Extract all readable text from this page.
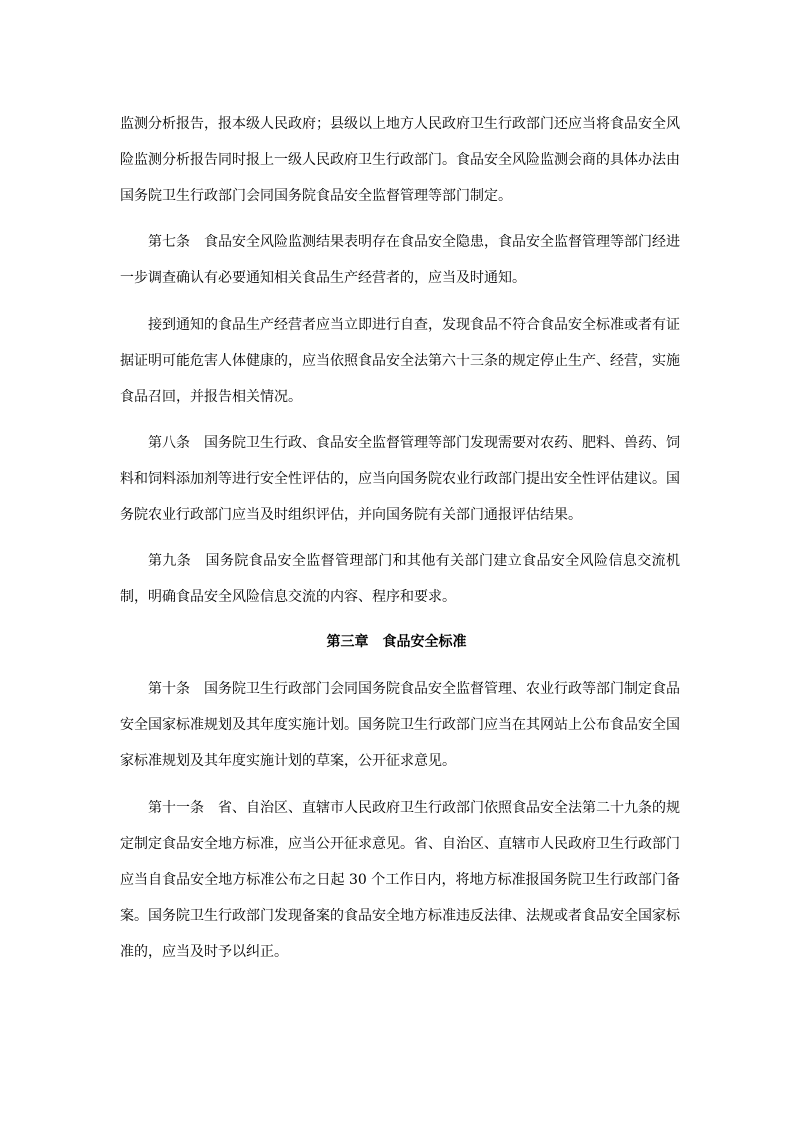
监测分析报告，报本级人民政府；县级以上地方人民政府卫生行政部门还应当将食品安全风
险监测分析报告同时报上一级人民政府卫生行政部门。食品安全风险监测会商的具体办法由
国务院卫生行政部门会同国务院食品安全监督管理等部门制定。
第七条　食品安全风险监测结果表明存在食品安全隐患，食品安全监督管理等部门经进
一步调查确认有必要通知相关食品生产经营者的，应当及时通知。
接到通知的食品生产经营者应当立即进行自查，发现食品不符合食品安全标准或者有证
据证明可能危害人体健康的，应当依照食品安全法第六十三条的规定停止生产、经营，实施
食品召回，并报告相关情况。
第八条　国务院卫生行政、食品安全监督管理等部门发现需要对农药、肥料、兽药、饲
料和饲料添加剂等进行安全性评估的，应当向国务院农业行政部门提出安全性评估建议。国
务院农业行政部门应当及时组织评估，并向国务院有关部门通报评估结果。
第九条　国务院食品安全监督管理部门和其他有关部门建立食品安全风险信息交流机
制，明确食品安全风险信息交流的内容、程序和要求。
第三章　食品安全标准
第十条　国务院卫生行政部门会同国务院食品安全监督管理、农业行政等部门制定食品
安全国家标准规划及其年度实施计划。国务院卫生行政部门应当在其网站上公布食品安全国
家标准规划及其年度实施计划的草案，公开征求意见。
第十一条　省、自治区、直辖市人民政府卫生行政部门依照食品安全法第二十九条的规
定制定食品安全地方标准，应当公开征求意见。省、自治区、直辖市人民政府卫生行政部门
应当自食品安全地方标准公布之日起 30 个工作日内，将地方标准报国务院卫生行政部门备
案。国务院卫生行政部门发现备案的食品安全地方标准违反法律、法规或者食品安全国家标
准的，应当及时予以纠正。
